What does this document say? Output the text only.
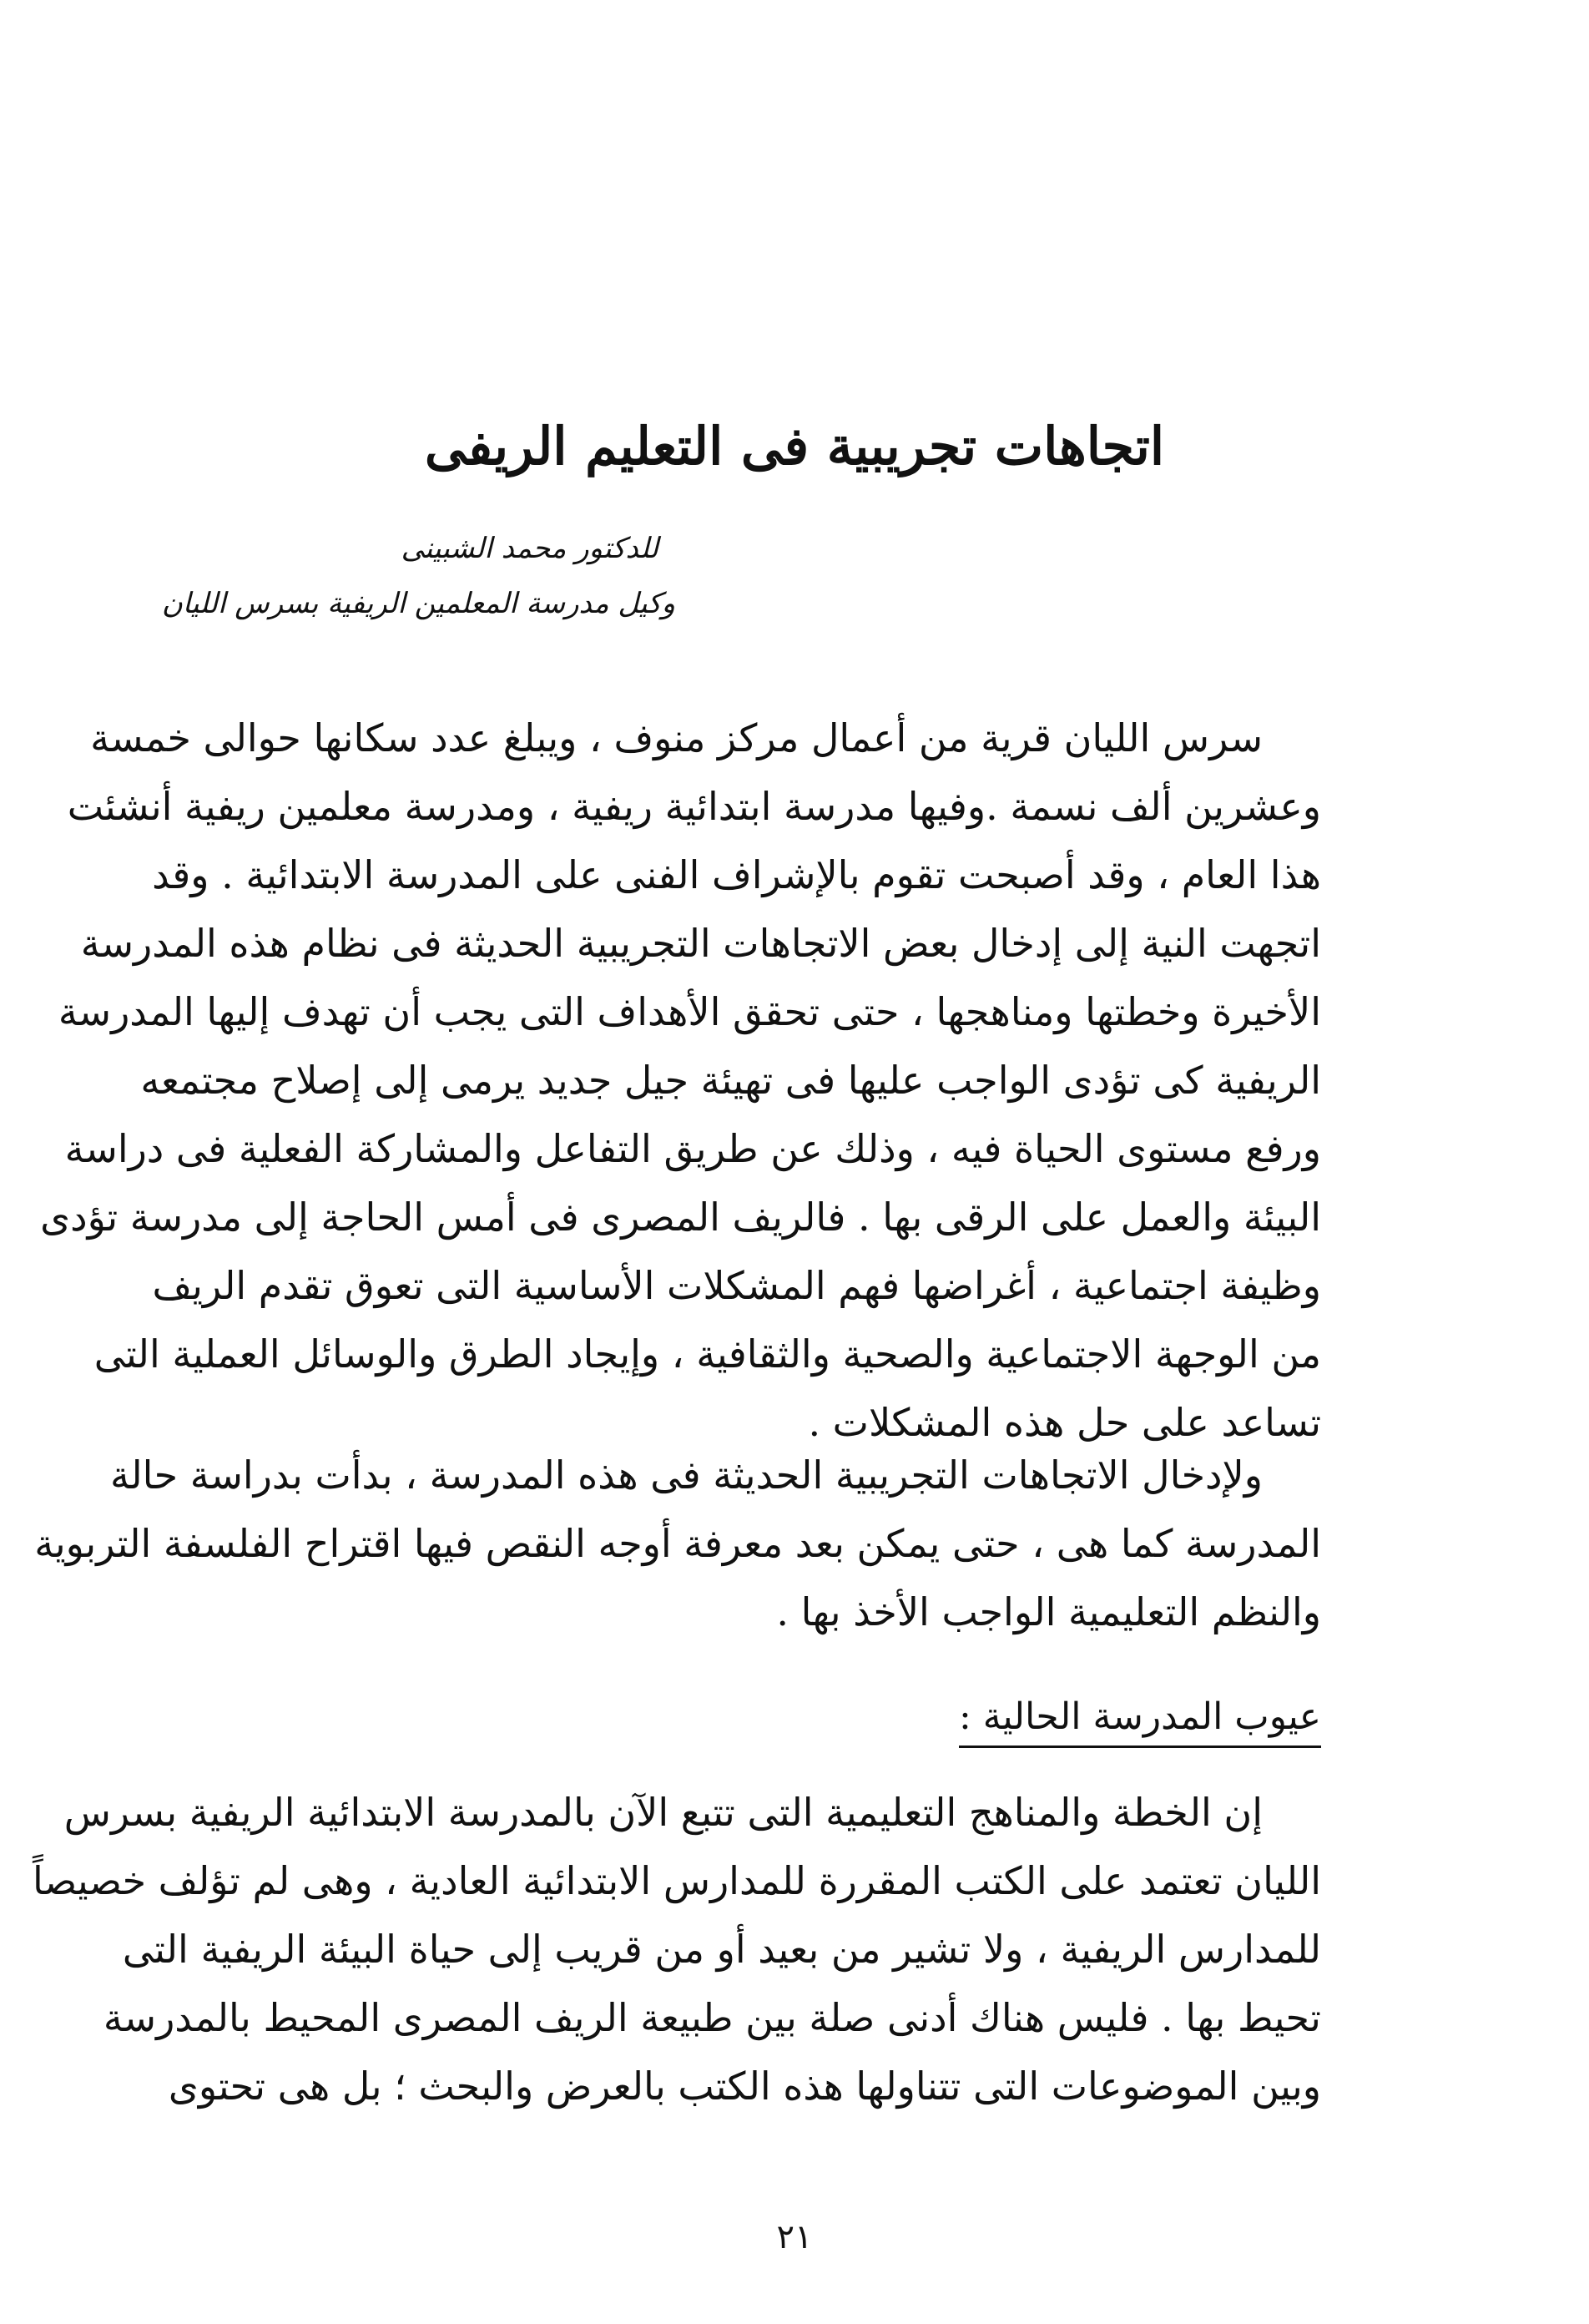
اتجاهات تجريبية فى التعليم الريفى
للدكتور محمد الشبينى
وكيل مدرسة المعلمين الريفية بسرس الليان
سرس الليان قرية من أعمال مركز منوف ، ويبلغ عدد سكانها حوالى خمسة
وعشرين ألف نسمة .وفيها مدرسة ابتدائية ريفية ، ومدرسة معلمين ريفية أنشئت
هذا العام ، وقد أصبحت تقوم بالإشراف الفنى على المدرسة الابتدائية . وقد
اتجهت النية إلى إدخال بعض الاتجاهات التجريبية الحديثة فى نظام هذه المدرسة
الأخيرة وخطتها ومناهجها ، حتى تحقق الأهداف التى يجب أن تهدف إليها المدرسة
الريفية كى تؤدى الواجب عليها فى تهيئة جيل جديد يرمى إلى إصلاح مجتمعه
ورفع مستوى الحياة فيه ، وذلك عن طريق التفاعل والمشاركة الفعلية فى دراسة
البيئة والعمل على الرقى بها . فالريف المصرى فى أمس الحاجة إلى مدرسة تؤدى
وظيفة اجتماعية ، أغراضها فهم المشكلات الأساسية التى تعوق تقدم الريف
من الوجهة الاجتماعية والصحية والثقافية ، وإيجاد الطرق والوسائل العملية التى
تساعد على حل هذه المشكلات .
ولإدخال الاتجاهات التجريبية الحديثة فى هذه المدرسة ، بدأت بدراسة حالة
المدرسة كما هى ، حتى يمكن بعد معرفة أوجه النقص فيها اقتراح الفلسفة التربوية
والنظم التعليمية الواجب الأخذ بها .
عيوب المدرسة الحالية :
إن الخطة والمناهج التعليمية التى تتبع الآن بالمدرسة الابتدائية الريفية بسرس
الليان تعتمد على الكتب المقررة للمدارس الابتدائية العادية ، وهى لم تؤلف خصيصاً
للمدارس الريفية ، ولا تشير من بعيد أو من قريب إلى حياة البيئة الريفية التى
تحيط بها . فليس هناك أدنى صلة بين طبيعة الريف المصرى المحيط بالمدرسة
وبين الموضوعات التى تتناولها هذه الكتب بالعرض والبحث ؛ بل هى تحتوى
٢١
